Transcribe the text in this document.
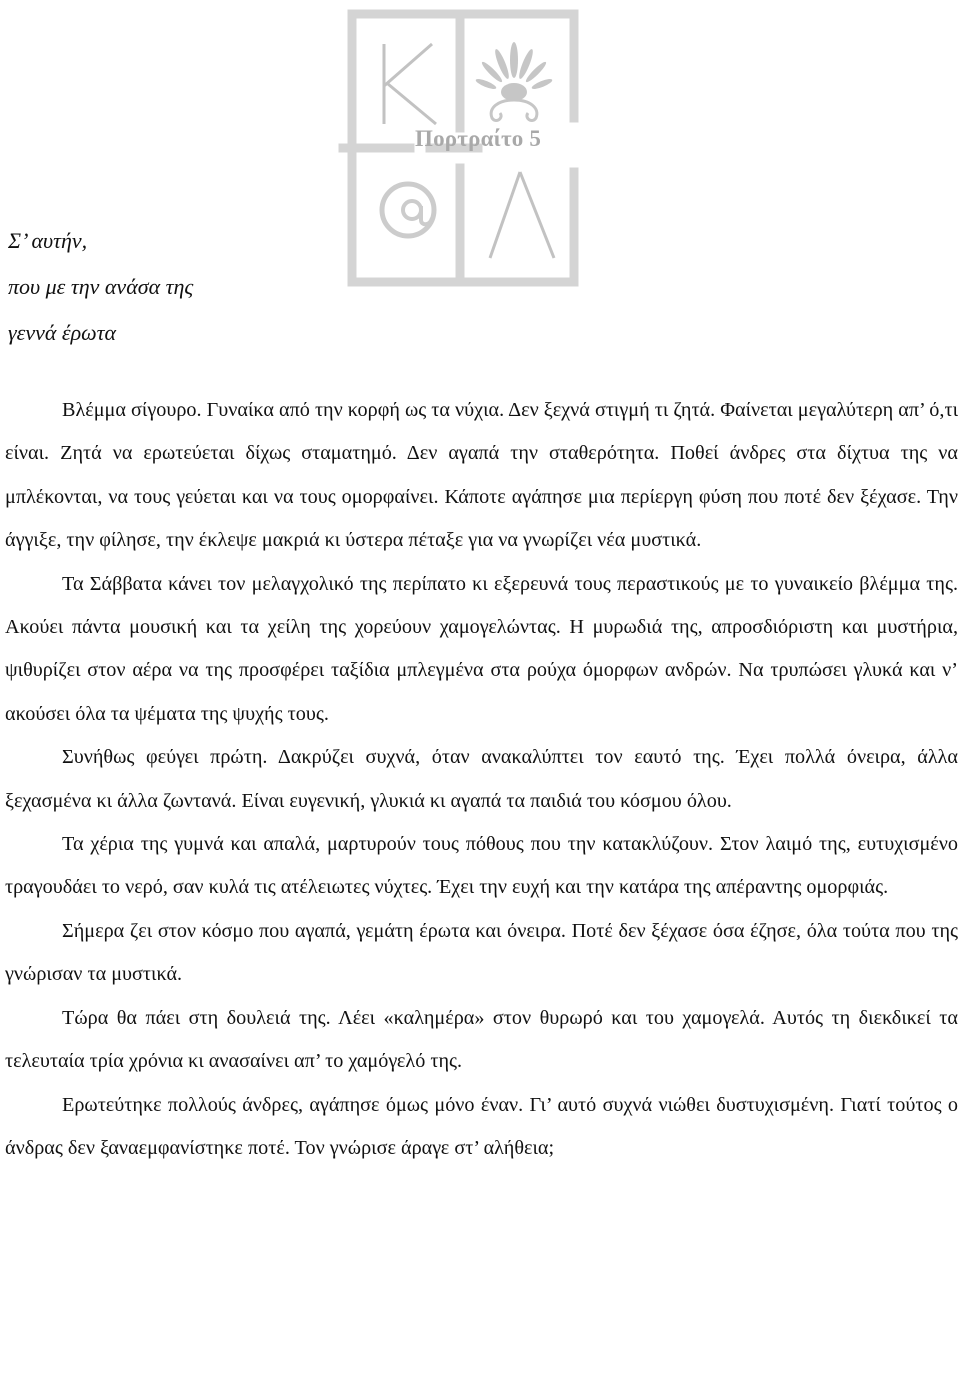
Πορτραίτο 5
Σ’ αυτήν,
που με την ανάσα της
γεννά έρωτα

Βλέμμα σίγουρο. Γυναίκα από την κορφή ως τα νύχια. Δεν ξεχνά στιγμή τι ζητά. Φαίνεται μεγαλύτερη απ’ ό,τι είναι. Ζητά να ερωτεύεται δίχως σταματημό. Δεν αγαπά την σταθερότητα. Ποθεί άνδρες στα δίχτυα της να μπλέκονται, να τους γεύεται και να τους ομορφαίνει. Κάποτε αγάπησε μια περίεργη φύση που ποτέ δεν ξέχασε. Την άγγιξε, την φίλησε, την έκλεψε μακριά κι ύστερα πέταξε για να γνωρίζει νέα μυστικά.

Τα Σάββατα κάνει τον μελαγχολικό της περίπατο κι εξερευνά τους περαστικούς με το γυναικείο βλέμμα της. Ακούει πάντα μουσική και τα χείλη της χορεύουν χαμογελώντας. Η μυρωδιά της, απροσδιόριστη και μυστήρια, ψιθυρίζει στον αέρα να της προσφέρει ταξίδια μπλεγμένα στα ρούχα όμορφων ανδρών. Να τρυπώσει γλυκά και ν’ ακούσει όλα τα ψέματα της ψυχής τους.

Συνήθως φεύγει πρώτη. Δακρύζει συχνά, όταν ανακαλύπτει τον εαυτό της. Έχει πολλά όνειρα, άλλα ξεχασμένα κι άλλα ζωντανά. Είναι ευγενική, γλυκιά κι αγαπά τα παιδιά του κόσμου όλου.

Τα χέρια της γυμνά και απαλά, μαρτυρούν τους πόθους που την κατακλύζουν. Στον λαιμό της, ευτυχισμένο τραγουδάει το νερό, σαν κυλά τις ατέλειωτες νύχτες. Έχει την ευχή και την κατάρα της απέραντης ομορφιάς.

Σήμερα ζει στον κόσμο που αγαπά, γεμάτη έρωτα και όνειρα. Ποτέ δεν ξέχασε όσα έζησε, όλα τούτα που της γνώρισαν τα μυστικά.

Τώρα θα πάει στη δουλειά της. Λέει «καλημέρα» στον θυρωρό και του χαμογελά. Αυτός τη διεκδικεί τα τελευταία τρία χρόνια κι ανασαίνει απ’ το χαμόγελό της.

Ερωτεύτηκε πολλούς άνδρες, αγάπησε όμως μόνο έναν. Γι’ αυτό συχνά νιώθει δυστυχισμένη. Γιατί τούτος ο άνδρας δεν ξαναεμφανίστηκε ποτέ. Τον γνώρισε άραγε στ’ αλήθεια;
